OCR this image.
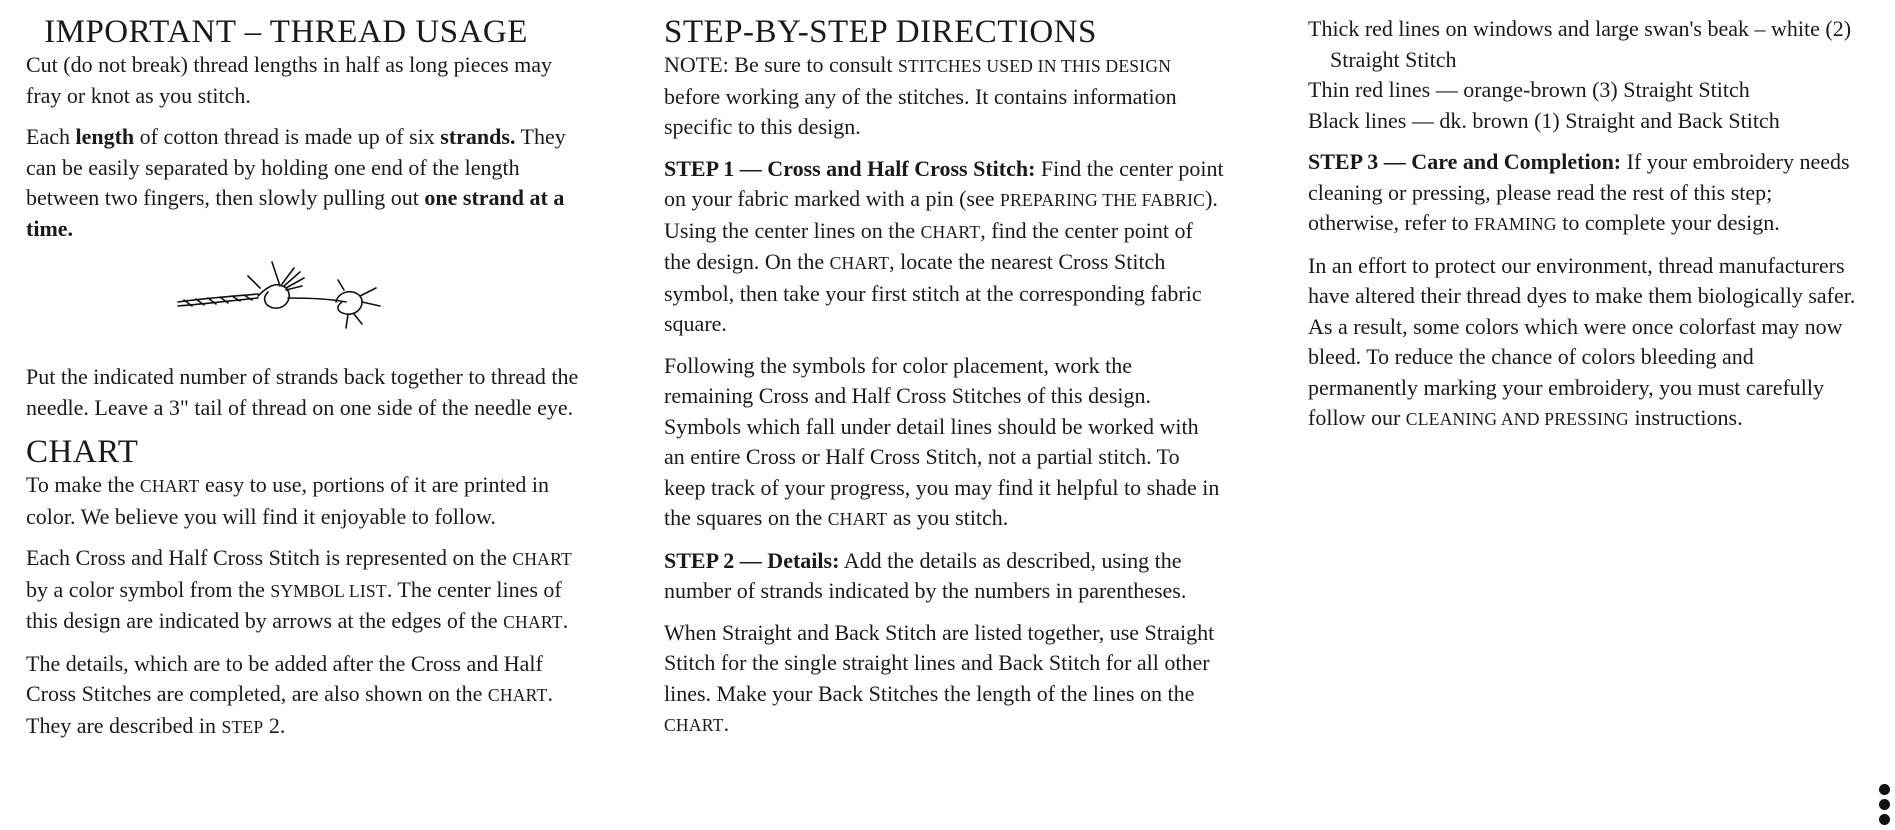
IMPORTANT – THREAD USAGE

Cut (do not break) thread lengths in half as long pieces may fray or knot as you stitch.

Each length of cotton thread is made up of six strands. They can be easily separated by holding one end of the length between two fingers, then slowly pulling out one strand at a time.

Put the indicated number of strands back together to thread the needle. Leave a 3" tail of thread on one side of the needle eye.

CHART

To make the CHART easy to use, portions of it are printed in color. We believe you will find it enjoyable to follow.

Each Cross and Half Cross Stitch is represented on the CHART by a color symbol from the SYMBOL LIST. The center lines of this design are indicated by arrows at the edges of the CHART.

The details, which are to be added after the Cross and Half Cross Stitches are completed, are also shown on the CHART. They are described in STEP 2.

STEP-BY-STEP DIRECTIONS

NOTE: Be sure to consult STITCHES USED IN THIS DESIGN before working any of the stitches. It contains information specific to this design.

STEP 1 — Cross and Half Cross Stitch: Find the center point on your fabric marked with a pin (see PREPARING THE FABRIC). Using the center lines on the CHART, find the center point of the design. On the CHART, locate the nearest Cross Stitch symbol, then take your first stitch at the corresponding fabric square.

Following the symbols for color placement, work the remaining Cross and Half Cross Stitches of this design. Symbols which fall under detail lines should be worked with an entire Cross or Half Cross Stitch, not a partial stitch. To keep track of your progress, you may find it helpful to shade in the squares on the CHART as you stitch.

STEP 2 — Details: Add the details as described, using the number of strands indicated by the numbers in parentheses.

When Straight and Back Stitch are listed together, use Straight Stitch for the single straight lines and Back Stitch for all other lines. Make your Back Stitches the length of the lines on the CHART.

Thick red lines on windows and large swan's beak – white (2) Straight Stitch

Thin red lines — orange-brown (3) Straight Stitch

Black lines — dk. brown (1) Straight and Back Stitch

STEP 3 — Care and Completion: If your embroidery needs cleaning or pressing, please read the rest of this step; otherwise, refer to FRAMING to complete your design.

In an effort to protect our environment, thread manufacturers have altered their thread dyes to make them biologically safer. As a result, some colors which were once colorfast may now bleed. To reduce the chance of colors bleeding and permanently marking your embroidery, you must carefully follow our CLEANING AND PRESSING instructions.
